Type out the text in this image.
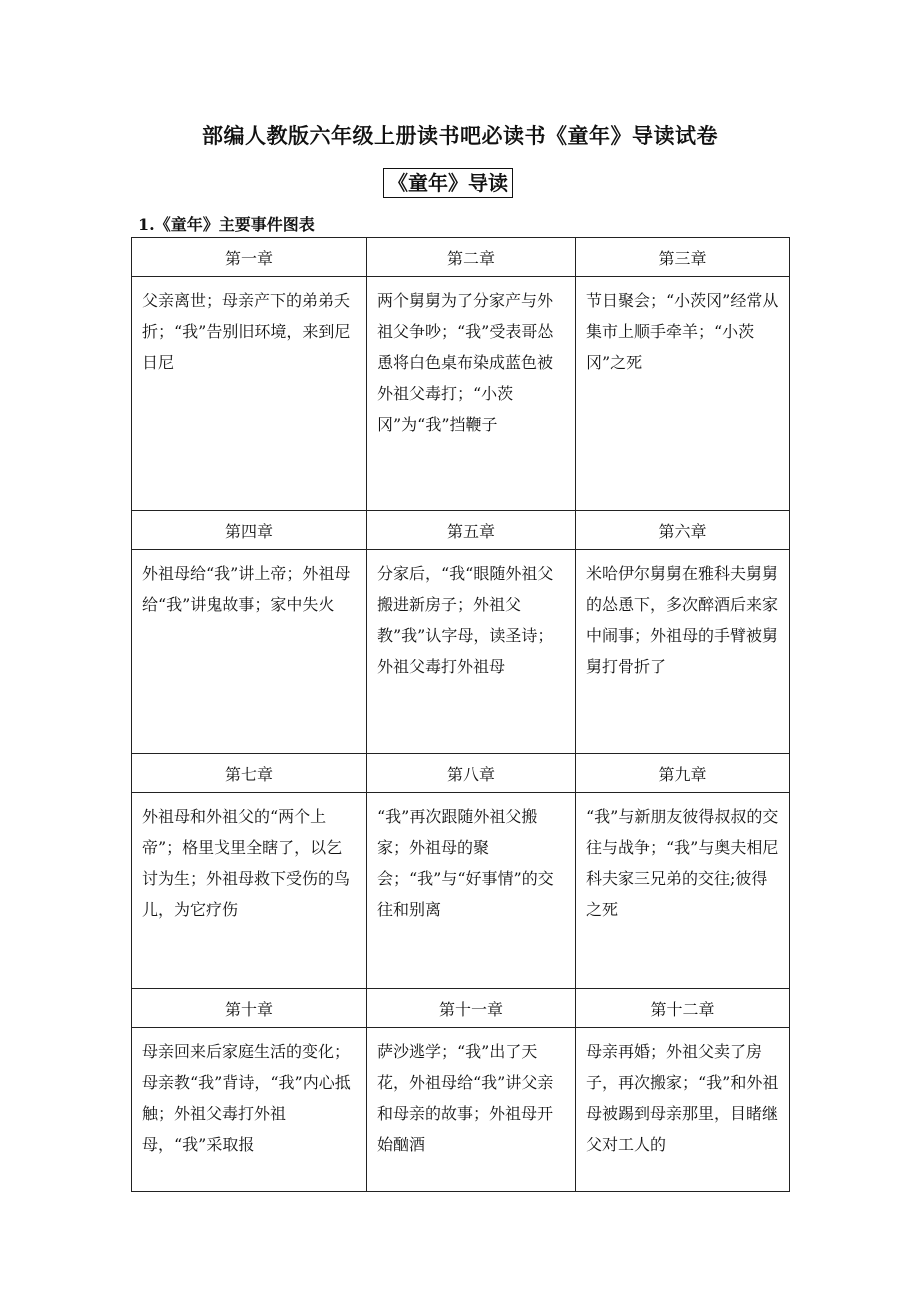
部编人教版六年级上册读书吧必读书《童年》导读试卷
《童年》导读
1.《童年》主要事件图表
第一章	第二章	第三章
父亲离世；母亲产下的弟弟夭折；“我”告别旧环境，来到尼日尼	两个舅舅为了分家产与外祖父争吵；“我”受表哥怂恿将白色桌布染成蓝色被外祖父毒打；“小茨冈”为“我”挡鞭子	节日聚会；“小茨冈”经常从集市上顺手牵羊；“小茨冈”之死
第四章	第五章	第六章
外祖母给“我”讲上帝；外祖母给“我”讲鬼故事；家中失火	分家后，“我“眼随外祖父搬进新房子；外祖父教”我”认字母，读圣诗；外祖父毒打外祖母	米哈伊尔舅舅在雅科夫舅舅的怂恿下，多次醉酒后来家中闹事；外祖母的手臂被舅舅打骨折了
第七章	第八章	第九章
外祖母和外祖父的“两个上帝”；格里戈里全瞎了，以乞讨为生；外祖母救下受伤的鸟儿，为它疗伤	“我”再次跟随外祖父搬家；外祖母的聚会；“我”与“好事情”的交往和别离	“我”与新朋友彼得叔叔的交往与战争；“我”与奥夫相尼科夫家三兄弟的交往;彼得之死
第十章	第十一章	第十二章
母亲回来后家庭生活的变化；母亲教“我”背诗，“我”内心抵触；外祖父毒打外祖母，“我”采取报	萨沙逃学；“我”出了天花，外祖母给“我”讲父亲和母亲的故事；外祖母开始酗酒	母亲再婚；外祖父卖了房子，再次搬家；“我”和外祖母被踢到母亲那里，目睹继父对工人的
